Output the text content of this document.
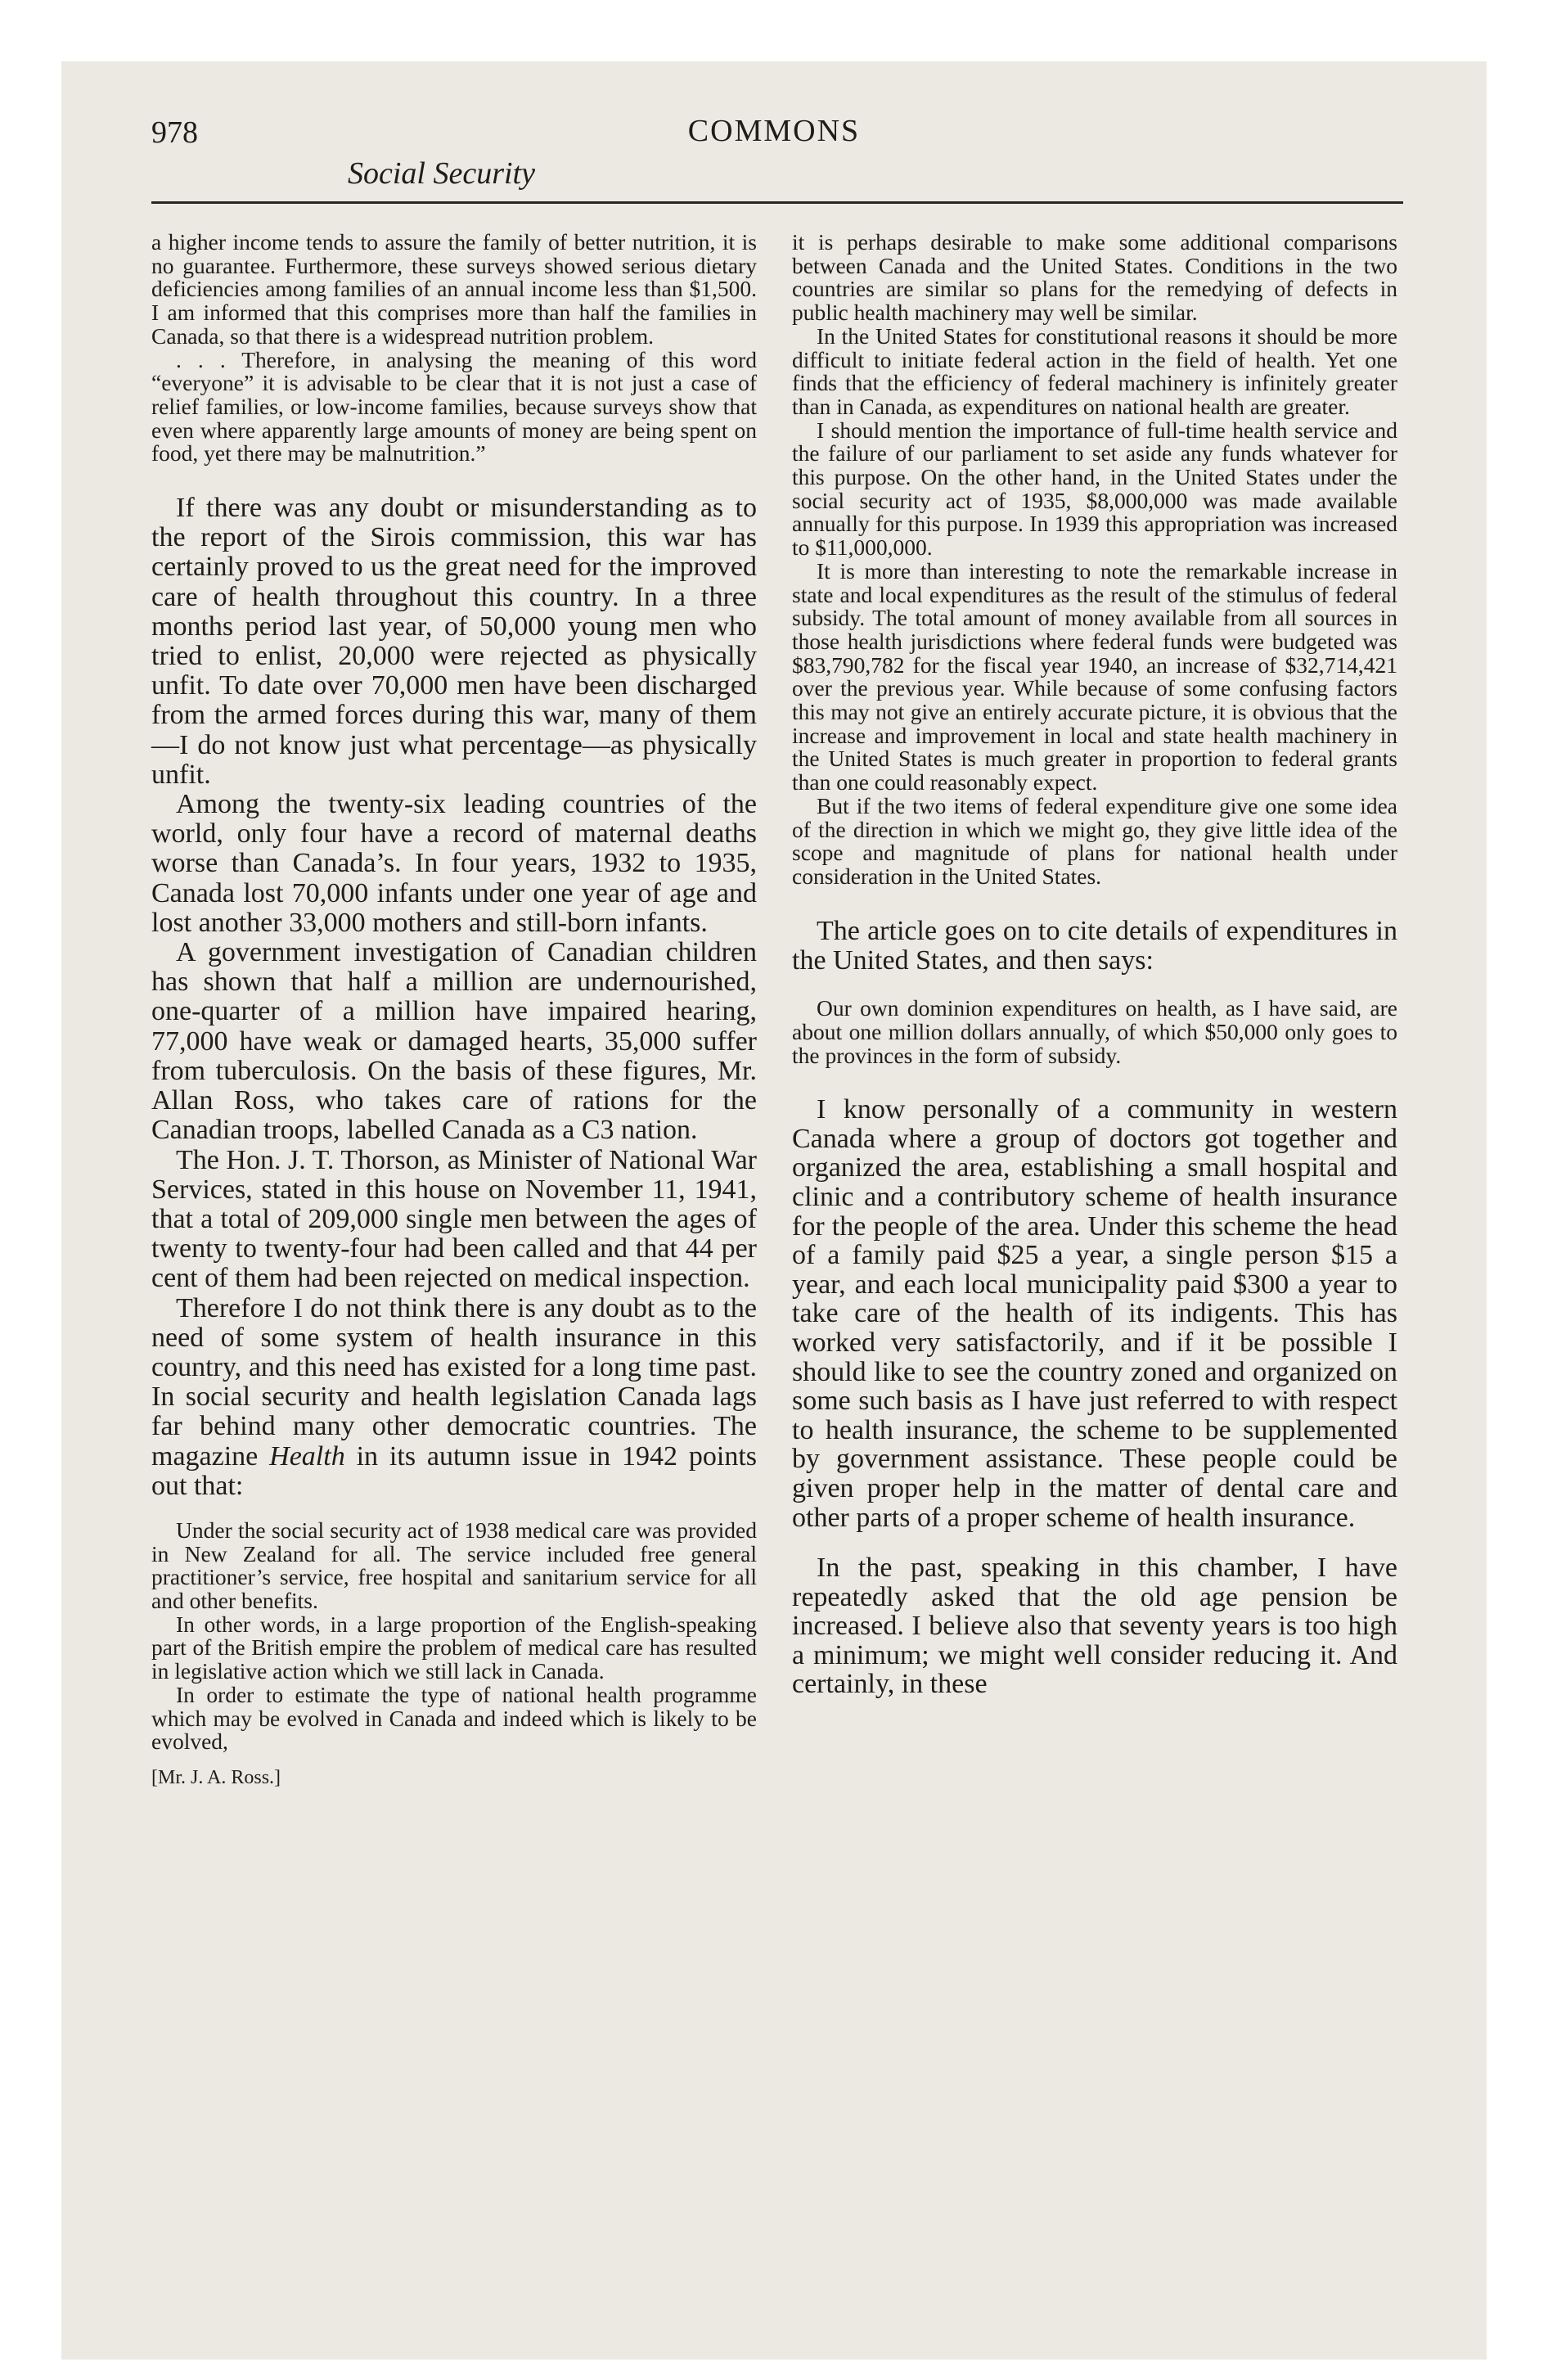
978	COMMONS
Social Security

a higher income tends to assure the family of better nutrition, it is no guarantee. Furthermore, these surveys showed serious dietary deficiencies among families of an annual income less than $1,500. I am informed that this comprises more than half the families in Canada, so that there is a widespread nutrition problem.

. . . Therefore, in analysing the meaning of this word “everyone” it is advisable to be clear that it is not just a case of relief families, or low-income families, because surveys show that even where apparently large amounts of money are being spent on food, yet there may be malnutrition.”

If there was any doubt or misunderstanding as to the report of the Sirois commission, this war has certainly proved to us the great need for the improved care of health throughout this country. In a three months period last year, of 50,000 young men who tried to enlist, 20,000 were rejected as physically unfit. To date over 70,000 men have been discharged from the armed forces during this war, many of them—I do not know just what percentage—as physically unfit.

Among the twenty-six leading countries of the world, only four have a record of maternal deaths worse than Canada’s. In four years, 1932 to 1935, Canada lost 70,000 infants under one year of age and lost another 33,000 mothers and still-born infants.

A government investigation of Canadian children has shown that half a million are undernourished, one-quarter of a million have impaired hearing, 77,000 have weak or damaged hearts, 35,000 suffer from tuberculosis. On the basis of these figures, Mr. Allan Ross, who takes care of rations for the Canadian troops, labelled Canada as a C3 nation.

The Hon. J. T. Thorson, as Minister of National War Services, stated in this house on November 11, 1941, that a total of 209,000 single men between the ages of twenty to twenty-four had been called and that 44 per cent of them had been rejected on medical inspection.

Therefore I do not think there is any doubt as to the need of some system of health insurance in this country, and this need has existed for a long time past. In social security and health legislation Canada lags far behind many other democratic countries. The magazine Health in its autumn issue in 1942 points out that:

Under the social security act of 1938 medical care was provided in New Zealand for all. The service included free general practitioner’s service, free hospital and sanitarium service for all and other benefits.

In other words, in a large proportion of the English-speaking part of the British empire the problem of medical care has resulted in legislative action which we still lack in Canada.

In order to estimate the type of national health programme which may be evolved in Canada and indeed which is likely to be evolved,

[Mr. J. A. Ross.]

it is perhaps desirable to make some additional comparisons between Canada and the United States. Conditions in the two countries are similar so plans for the remedying of defects in public health machinery may well be similar.

In the United States for constitutional reasons it should be more difficult to initiate federal action in the field of health. Yet one finds that the efficiency of federal machinery is infinitely greater than in Canada, as expenditures on national health are greater.

I should mention the importance of full-time health service and the failure of our parliament to set aside any funds whatever for this purpose. On the other hand, in the United States under the social security act of 1935, $8,000,000 was made available annually for this purpose. In 1939 this appropriation was increased to $11,000,000.

It is more than interesting to note the remarkable increase in state and local expenditures as the result of the stimulus of federal subsidy. The total amount of money available from all sources in those health jurisdictions where federal funds were budgeted was $83,790,782 for the fiscal year 1940, an increase of $32,714,421 over the previous year. While because of some confusing factors this may not give an entirely accurate picture, it is obvious that the increase and improvement in local and state health machinery in the United States is much greater in proportion to federal grants than one could reasonably expect.

But if the two items of federal expenditure give one some idea of the direction in which we might go, they give little idea of the scope and magnitude of plans for national health under consideration in the United States.

The article goes on to cite details of expenditures in the United States, and then says:

Our own dominion expenditures on health, as I have said, are about one million dollars annually, of which $50,000 only goes to the provinces in the form of subsidy.

I know personally of a community in western Canada where a group of doctors got together and organized the area, establishing a small hospital and clinic and a contributory scheme of health insurance for the people of the area. Under this scheme the head of a family paid $25 a year, a single person $15 a year, and each local municipality paid $300 a year to take care of the health of its indigents. This has worked very satisfactorily, and if it be possible I should like to see the country zoned and organized on some such basis as I have just referred to with respect to health insurance, the scheme to be supplemented by government assistance. These people could be given proper help in the matter of dental care and other parts of a proper scheme of health insurance.

In the past, speaking in this chamber, I have repeatedly asked that the old age pension be increased. I believe also that seventy years is too high a minimum; we might well consider reducing it. And certainly, in these
